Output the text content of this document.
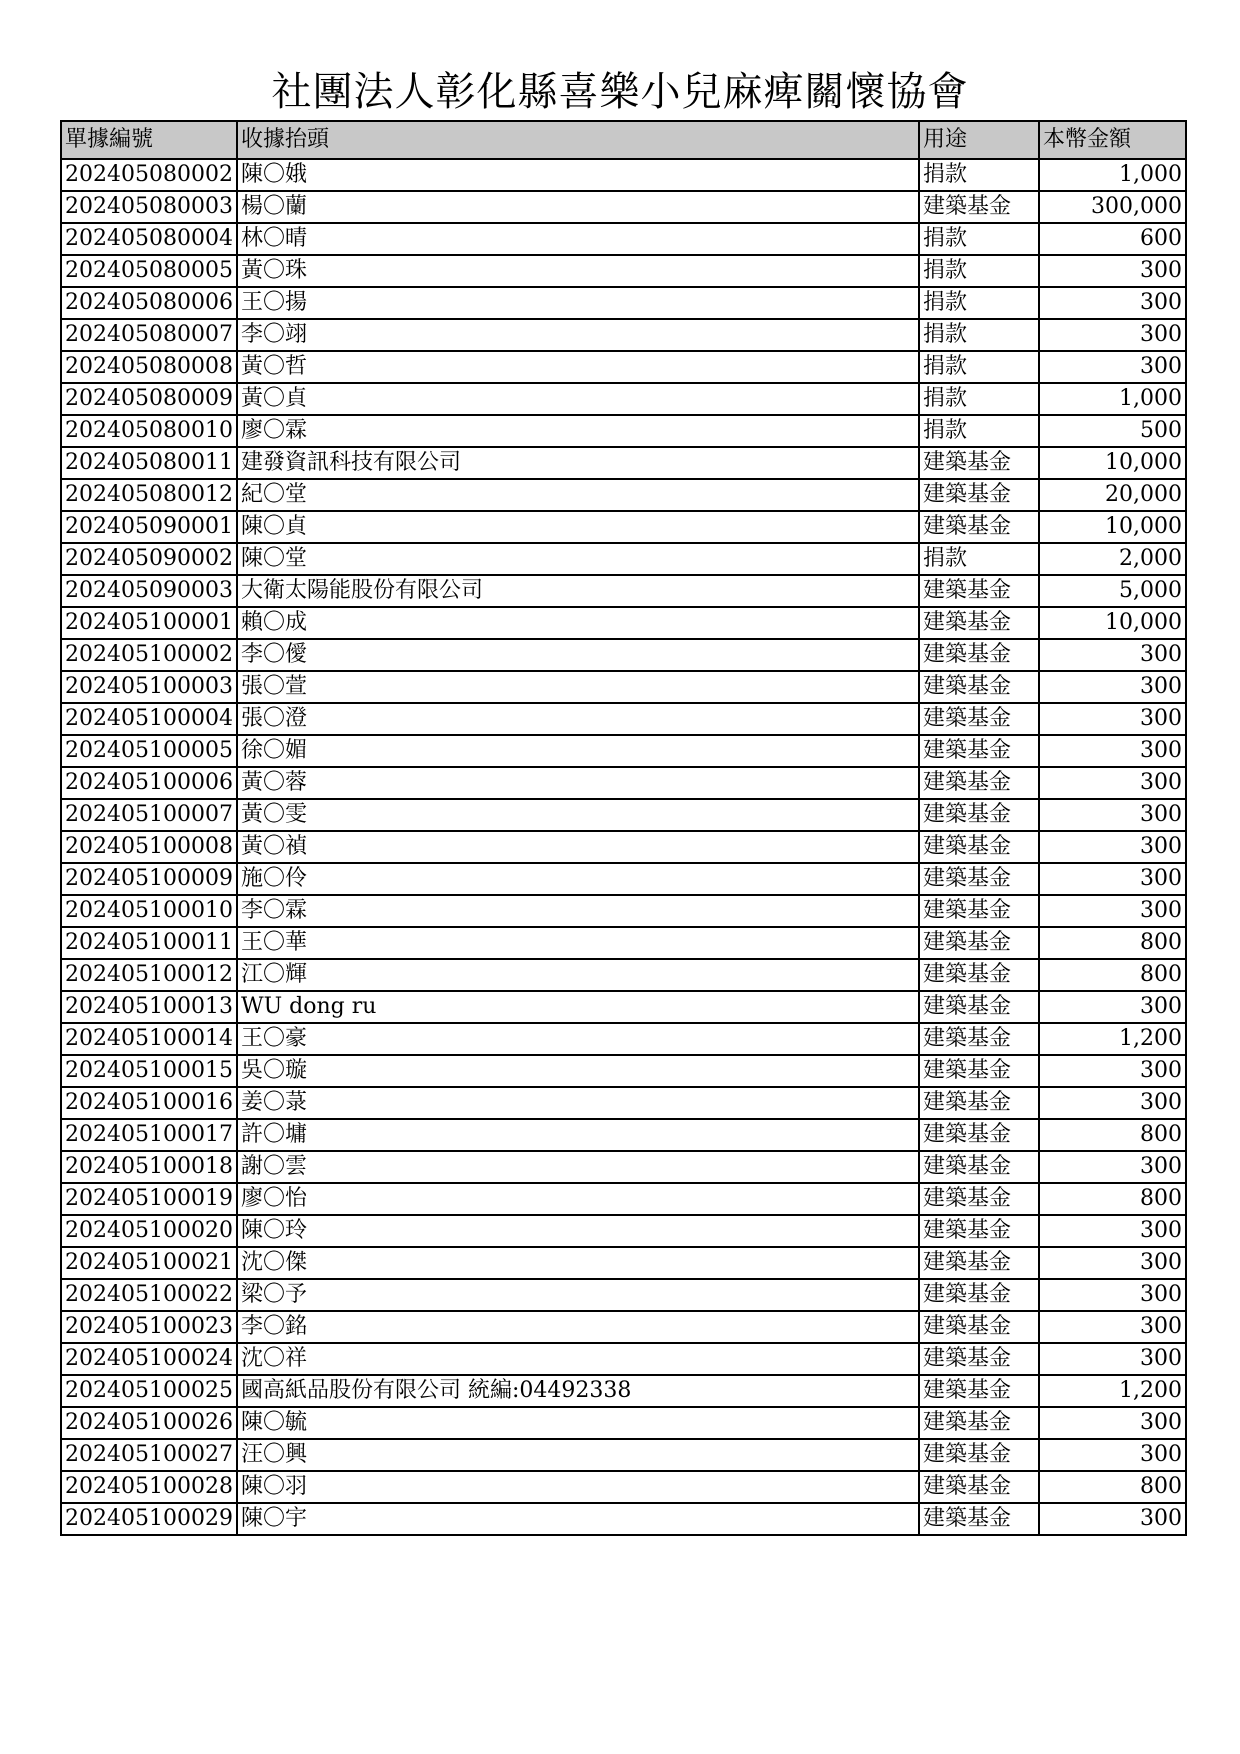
社團法人彰化縣喜樂小兒麻痺關懷協會
單據編號	收據抬頭	用途	本幣金額
202405080002	陳〇娥	捐款	1,000
202405080003	楊〇蘭	建築基金	300,000
202405080004	林〇晴	捐款	600
202405080005	黃〇珠	捐款	300
202405080006	王〇揚	捐款	300
202405080007	李〇翊	捐款	300
202405080008	黃〇哲	捐款	300
202405080009	黃〇貞	捐款	1,000
202405080010	廖〇霖	捐款	500
202405080011	建發資訊科技有限公司	建築基金	10,000
202405080012	紀〇堂	建築基金	20,000
202405090001	陳〇貞	建築基金	10,000
202405090002	陳〇堂	捐款	2,000
202405090003	大衛太陽能股份有限公司	建築基金	5,000
202405100001	賴〇成	建築基金	10,000
202405100002	李〇僾	建築基金	300
202405100003	張〇萱	建築基金	300
202405100004	張〇澄	建築基金	300
202405100005	徐〇媚	建築基金	300
202405100006	黃〇蓉	建築基金	300
202405100007	黃〇雯	建築基金	300
202405100008	黃〇禎	建築基金	300
202405100009	施〇伶	建築基金	300
202405100010	李〇霖	建築基金	300
202405100011	王〇華	建築基金	800
202405100012	江〇輝	建築基金	800
202405100013	WU dong ru	建築基金	300
202405100014	王〇豪	建築基金	1,200
202405100015	吳〇璇	建築基金	300
202405100016	姜〇菉	建築基金	300
202405100017	許〇墉	建築基金	800
202405100018	謝〇雲	建築基金	300
202405100019	廖〇怡	建築基金	800
202405100020	陳〇玲	建築基金	300
202405100021	沈〇傑	建築基金	300
202405100022	梁〇予	建築基金	300
202405100023	李〇銘	建築基金	300
202405100024	沈〇祥	建築基金	300
202405100025	國高紙品股份有限公司 統編:04492338	建築基金	1,200
202405100026	陳〇毓	建築基金	300
202405100027	汪〇興	建築基金	300
202405100028	陳〇羽	建築基金	800
202405100029	陳〇宇	建築基金	300
